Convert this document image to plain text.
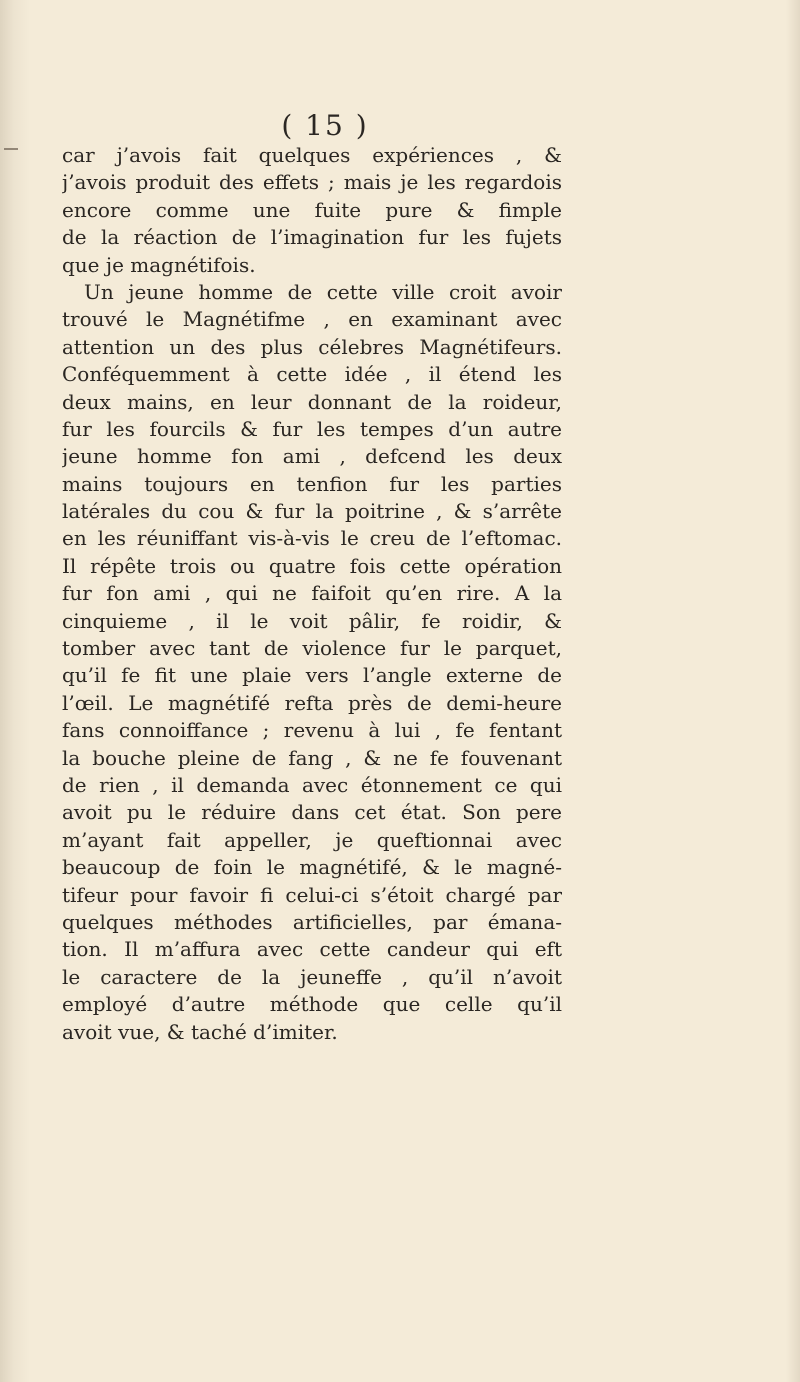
( 15 )
car j’avois fait quelques expériences , &
j’avois produit des effets ; mais je les regardois
encore comme une fuite pure & fimple
de la réaction de l’imagination fur les fujets
que je magnétifois.
Un jeune homme de cette ville croit avoir
trouvé le Magnétifme , en examinant avec
attention un des plus célebres Magnétifeurs.
Conféquemment à cette idée , il étend les
deux mains, en leur donnant de la roideur,
fur les fourcils & fur les tempes d’un autre
jeune homme fon ami , defcend les deux
mains toujours en tenfion fur les parties
latérales du cou & fur la poitrine , & s’arrête
en les réuniffant vis-à-vis le creu de l’eftomac.
Il répête trois ou quatre fois cette opération
fur fon ami , qui ne faifoit qu’en rire. A la
cinquieme , il le voit pâlir, fe roidir, &
tomber avec tant de violence fur le parquet,
qu’il fe fit une plaie vers l’angle externe de
l’œil. Le magnétifé refta près de demi-heure
fans connoiffance ; revenu à lui , fe fentant
la bouche pleine de fang , & ne fe fouvenant
de rien , il demanda avec étonnement ce qui
avoit pu le réduire dans cet état. Son pere
m’ayant fait appeller, je queftionnai avec
beaucoup de foin le magnétifé, & le magné-
tifeur pour favoir fi celui-ci s’étoit chargé par
quelques méthodes artificielles, par émana-
tion. Il m’affura avec cette candeur qui eft
le caractere de la jeuneffe , qu’il n’avoit
employé d’autre méthode que celle qu’il
avoit vue, & taché d’imiter.
